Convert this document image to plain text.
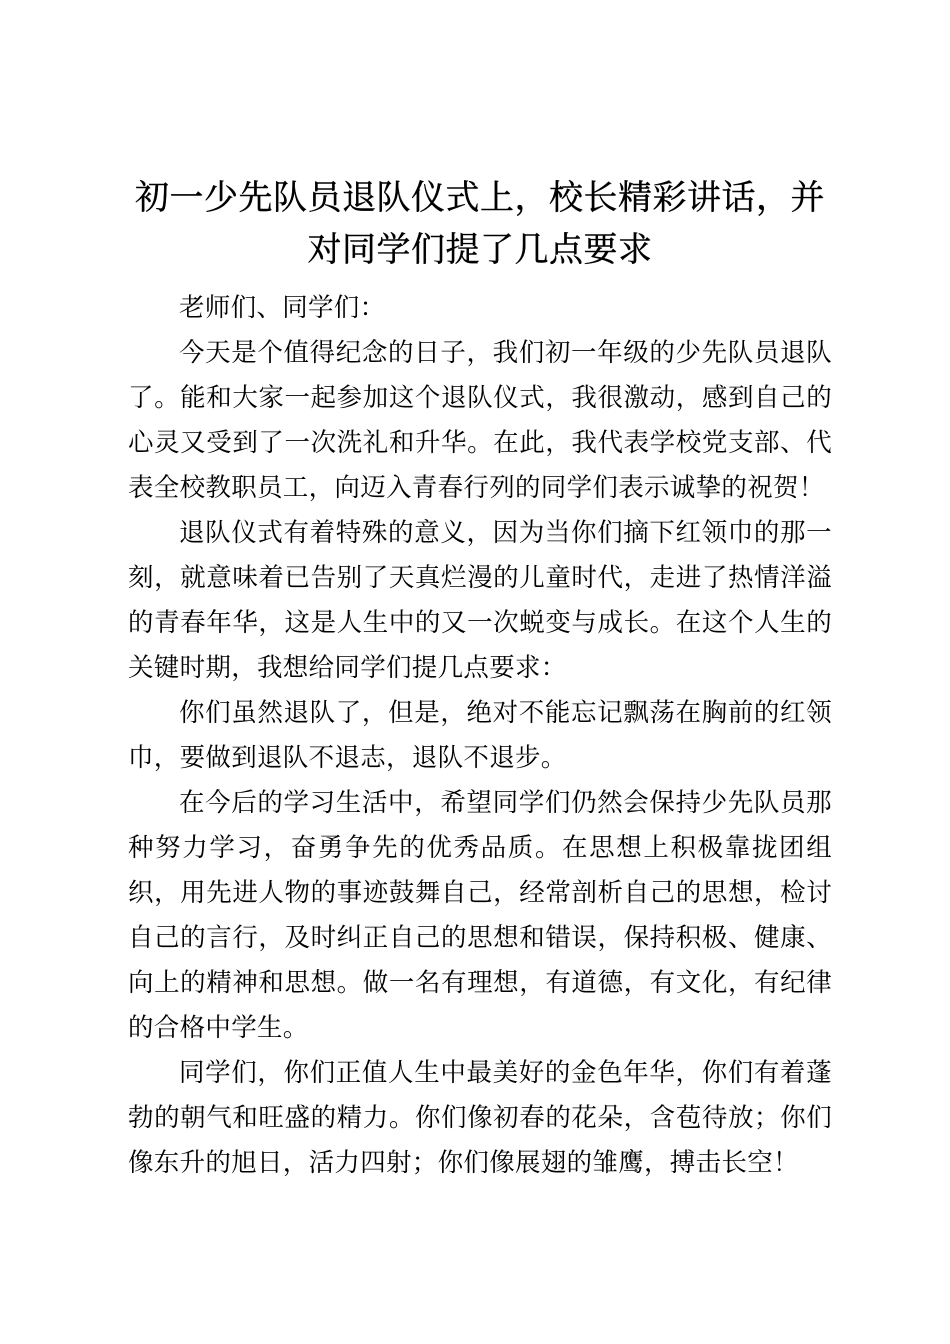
初一少先队员退队仪式上，校长精彩讲话，并对同学们提了几点要求

老师们、同学们：

今天是个值得纪念的日子，我们初一年级的少先队员退队了。能和大家一起参加这个退队仪式，我很激动，感到自己的心灵又受到了一次洗礼和升华。在此，我代表学校党支部、代表全校教职员工，向迈入青春行列的同学们表示诚挚的祝贺！

退队仪式有着特殊的意义，因为当你们摘下红领巾的那一刻，就意味着已告别了天真烂漫的儿童时代，走进了热情洋溢的青春年华，这是人生中的又一次蜕变与成长。在这个人生的关键时期，我想给同学们提几点要求：

你们虽然退队了，但是，绝对不能忘记飘荡在胸前的红领巾，要做到退队不退志，退队不退步。

在今后的学习生活中，希望同学们仍然会保持少先队员那种努力学习，奋勇争先的优秀品质。在思想上积极靠拢团组织，用先进人物的事迹鼓舞自己，经常剖析自己的思想，检讨自己的言行，及时纠正自己的思想和错误，保持积极、健康、向上的精神和思想。做一名有理想，有道德，有文化，有纪律的合格中学生。

同学们，你们正值人生中最美好的金色年华，你们有着蓬勃的朝气和旺盛的精力。你们像初春的花朵，含苞待放；你们像东升的旭日，活力四射；你们像展翅的雏鹰，搏击长空！
